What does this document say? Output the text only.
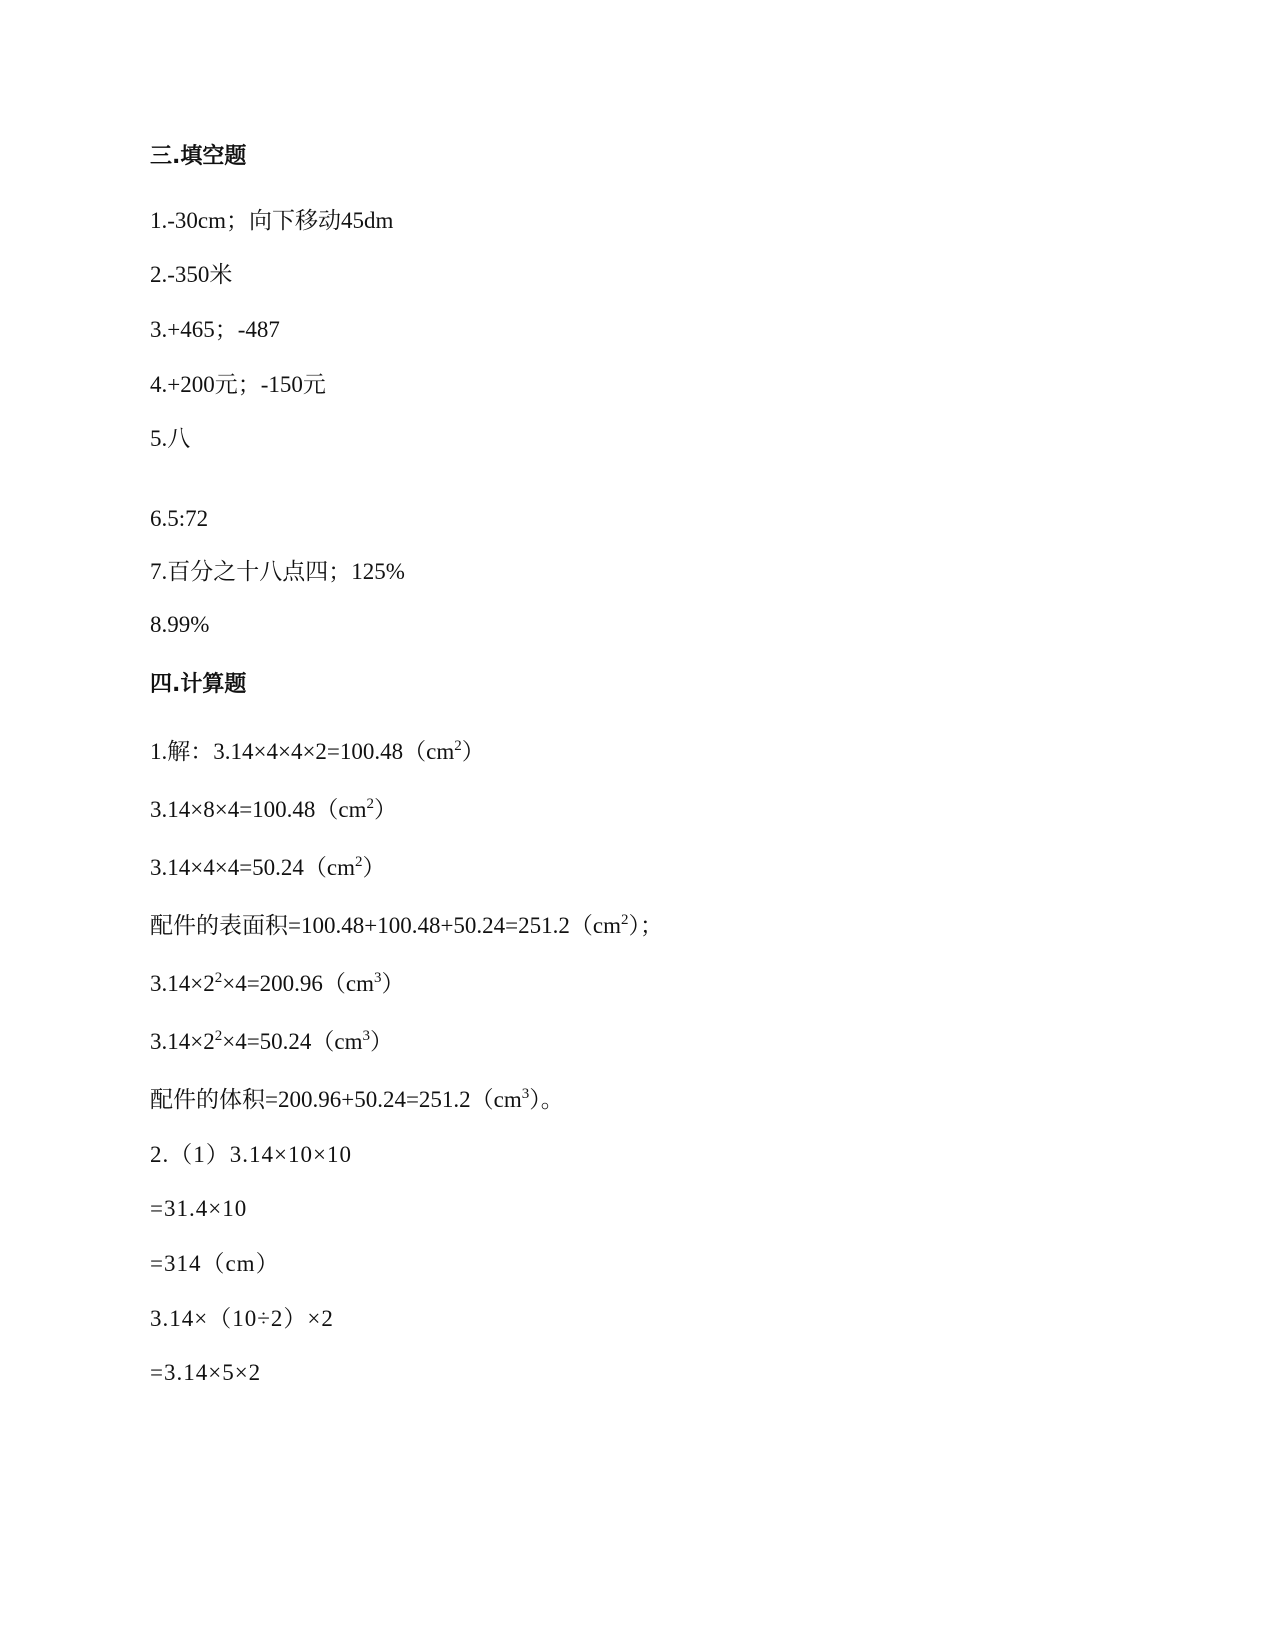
三.填空题
1.-30cm；向下移动45dm
2.-350米
3.+465；-487
4.+200元；-150元
5.八
6.5:72
7.百分之十八点四；125%
8.99%
四.计算题
1.解：$3.14\times 4\times 4\times 2=100.48(cm^2)$
$3.14\times 8\times 4=100.48(cm^2)$
$3.14\times 4\times 4=50.24(cm^2)$
配件的表面积$=100.48+100.48+50.24=251.2(cm^2)$；
$3.14\times 2^2\times 4=200.96(cm^3)$
$3.14\times 2^2\times 4=50.24(cm^3)$
配件的体积$=200.96+50.24=251.2(cm^3)$。
2.（1）3.14×10×10
=31.4×10
=314（cm）
3.14×（10÷2）×2
=3.14×5×2
